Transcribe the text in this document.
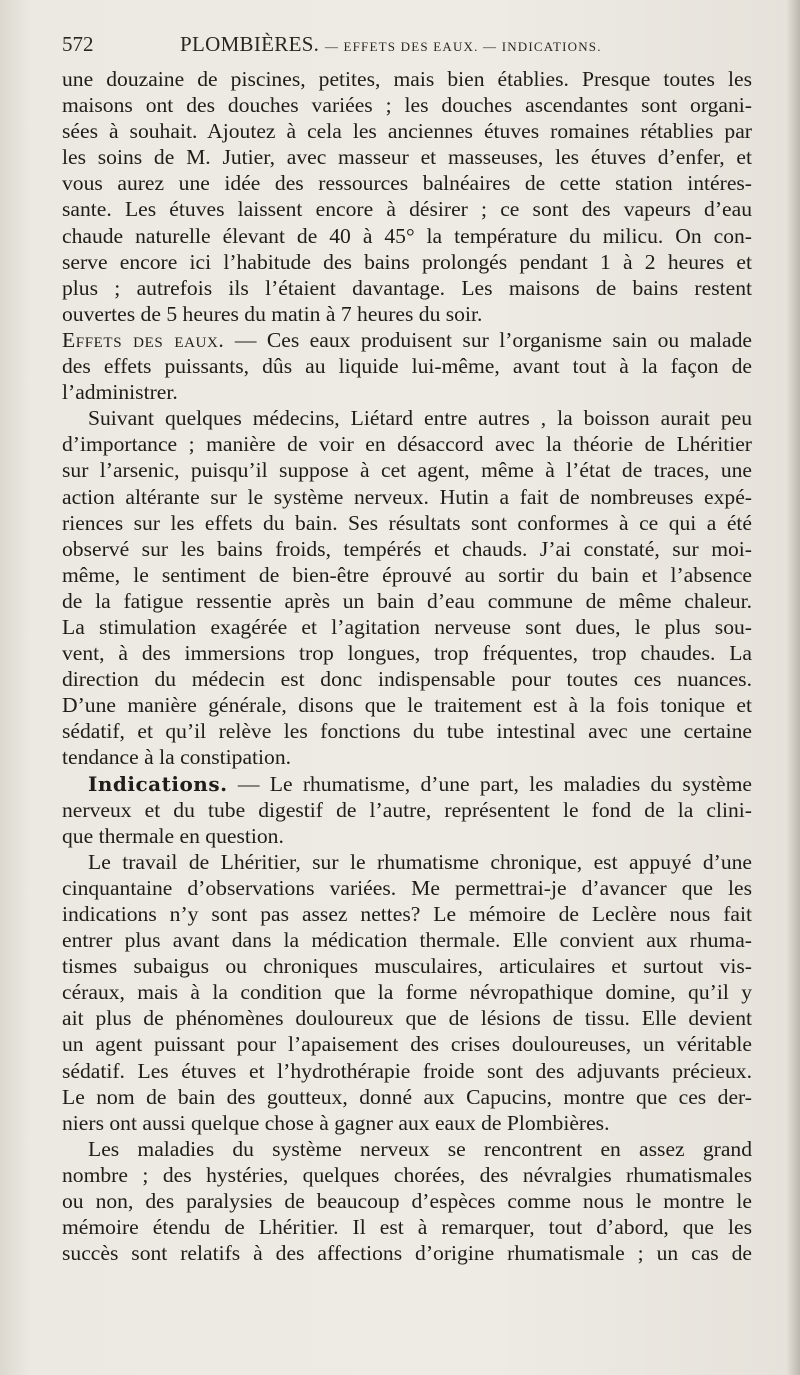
572	PLOMBIÈRES. — EFFETS DES EAUX. — INDICATIONS.
une douzaine de piscines, petites, mais bien établies. Presque toutes les
maisons ont des douches variées ; les douches ascendantes sont organi-
sées à souhait. Ajoutez à cela les anciennes étuves romaines rétablies par
les soins de M. Jutier, avec masseur et masseuses, les étuves d’enfer, et
vous aurez une idée des ressources balnéaires de cette station intéres-
sante. Les étuves laissent encore à désirer ; ce sont des vapeurs d’eau
chaude naturelle élevant de 40 à 45° la température du milicu. On con-
serve encore ici l’habitude des bains prolongés pendant 1 à 2 heures et
plus ; autrefois ils l’étaient davantage. Les maisons de bains restent
ouvertes de 5 heures du matin à 7 heures du soir.
Effets des eaux. — Ces eaux produisent sur l’organisme sain ou malade
des effets puissants, dûs au liquide lui-même, avant tout à la façon de
l’administrer.
Suivant quelques médecins, Liétard entre autres , la boisson aurait peu
d’importance ; manière de voir en désaccord avec la théorie de Lhéritier
sur l’arsenic, puisqu’il suppose à cet agent, même à l’état de traces, une
action altérante sur le système nerveux. Hutin a fait de nombreuses expé-
riences sur les effets du bain. Ses résultats sont conformes à ce qui a été
observé sur les bains froids, tempérés et chauds. J’ai constaté, sur moi-
même, le sentiment de bien-être éprouvé au sortir du bain et l’absence
de la fatigue ressentie après un bain d’eau commune de même chaleur.
La stimulation exagérée et l’agitation nerveuse sont dues, le plus sou-
vent, à des immersions trop longues, trop fréquentes, trop chaudes. La
direction du médecin est donc indispensable pour toutes ces nuances.
D’une manière générale, disons que le traitement est à la fois tonique et
sédatif, et qu’il relève les fonctions du tube intestinal avec une certaine
tendance à la constipation.
Indications. — Le rhumatisme, d’une part, les maladies du système
nerveux et du tube digestif de l’autre, représentent le fond de la clini-
que thermale en question.
Le travail de Lhéritier, sur le rhumatisme chronique, est appuyé d’une
cinquantaine d’observations variées. Me permettrai-je d’avancer que les
indications n’y sont pas assez nettes? Le mémoire de Leclère nous fait
entrer plus avant dans la médication thermale. Elle convient aux rhuma-
tismes subaigus ou chroniques musculaires, articulaires et surtout vis-
céraux, mais à la condition que la forme névropathique domine, qu’il y
ait plus de phénomènes douloureux que de lésions de tissu. Elle devient
un agent puissant pour l’apaisement des crises douloureuses, un véritable
sédatif. Les étuves et l’hydrothérapie froide sont des adjuvants précieux.
Le nom de bain des goutteux, donné aux Capucins, montre que ces der-
niers ont aussi quelque chose à gagner aux eaux de Plombières.
Les maladies du système nerveux se rencontrent en assez grand
nombre ; des hystéries, quelques chorées, des névralgies rhumatismales
ou non, des paralysies de beaucoup d’espèces comme nous le montre le
mémoire étendu de Lhéritier. Il est à remarquer, tout d’abord, que les
succès sont relatifs à des affections d’origine rhumatismale ; un cas de
